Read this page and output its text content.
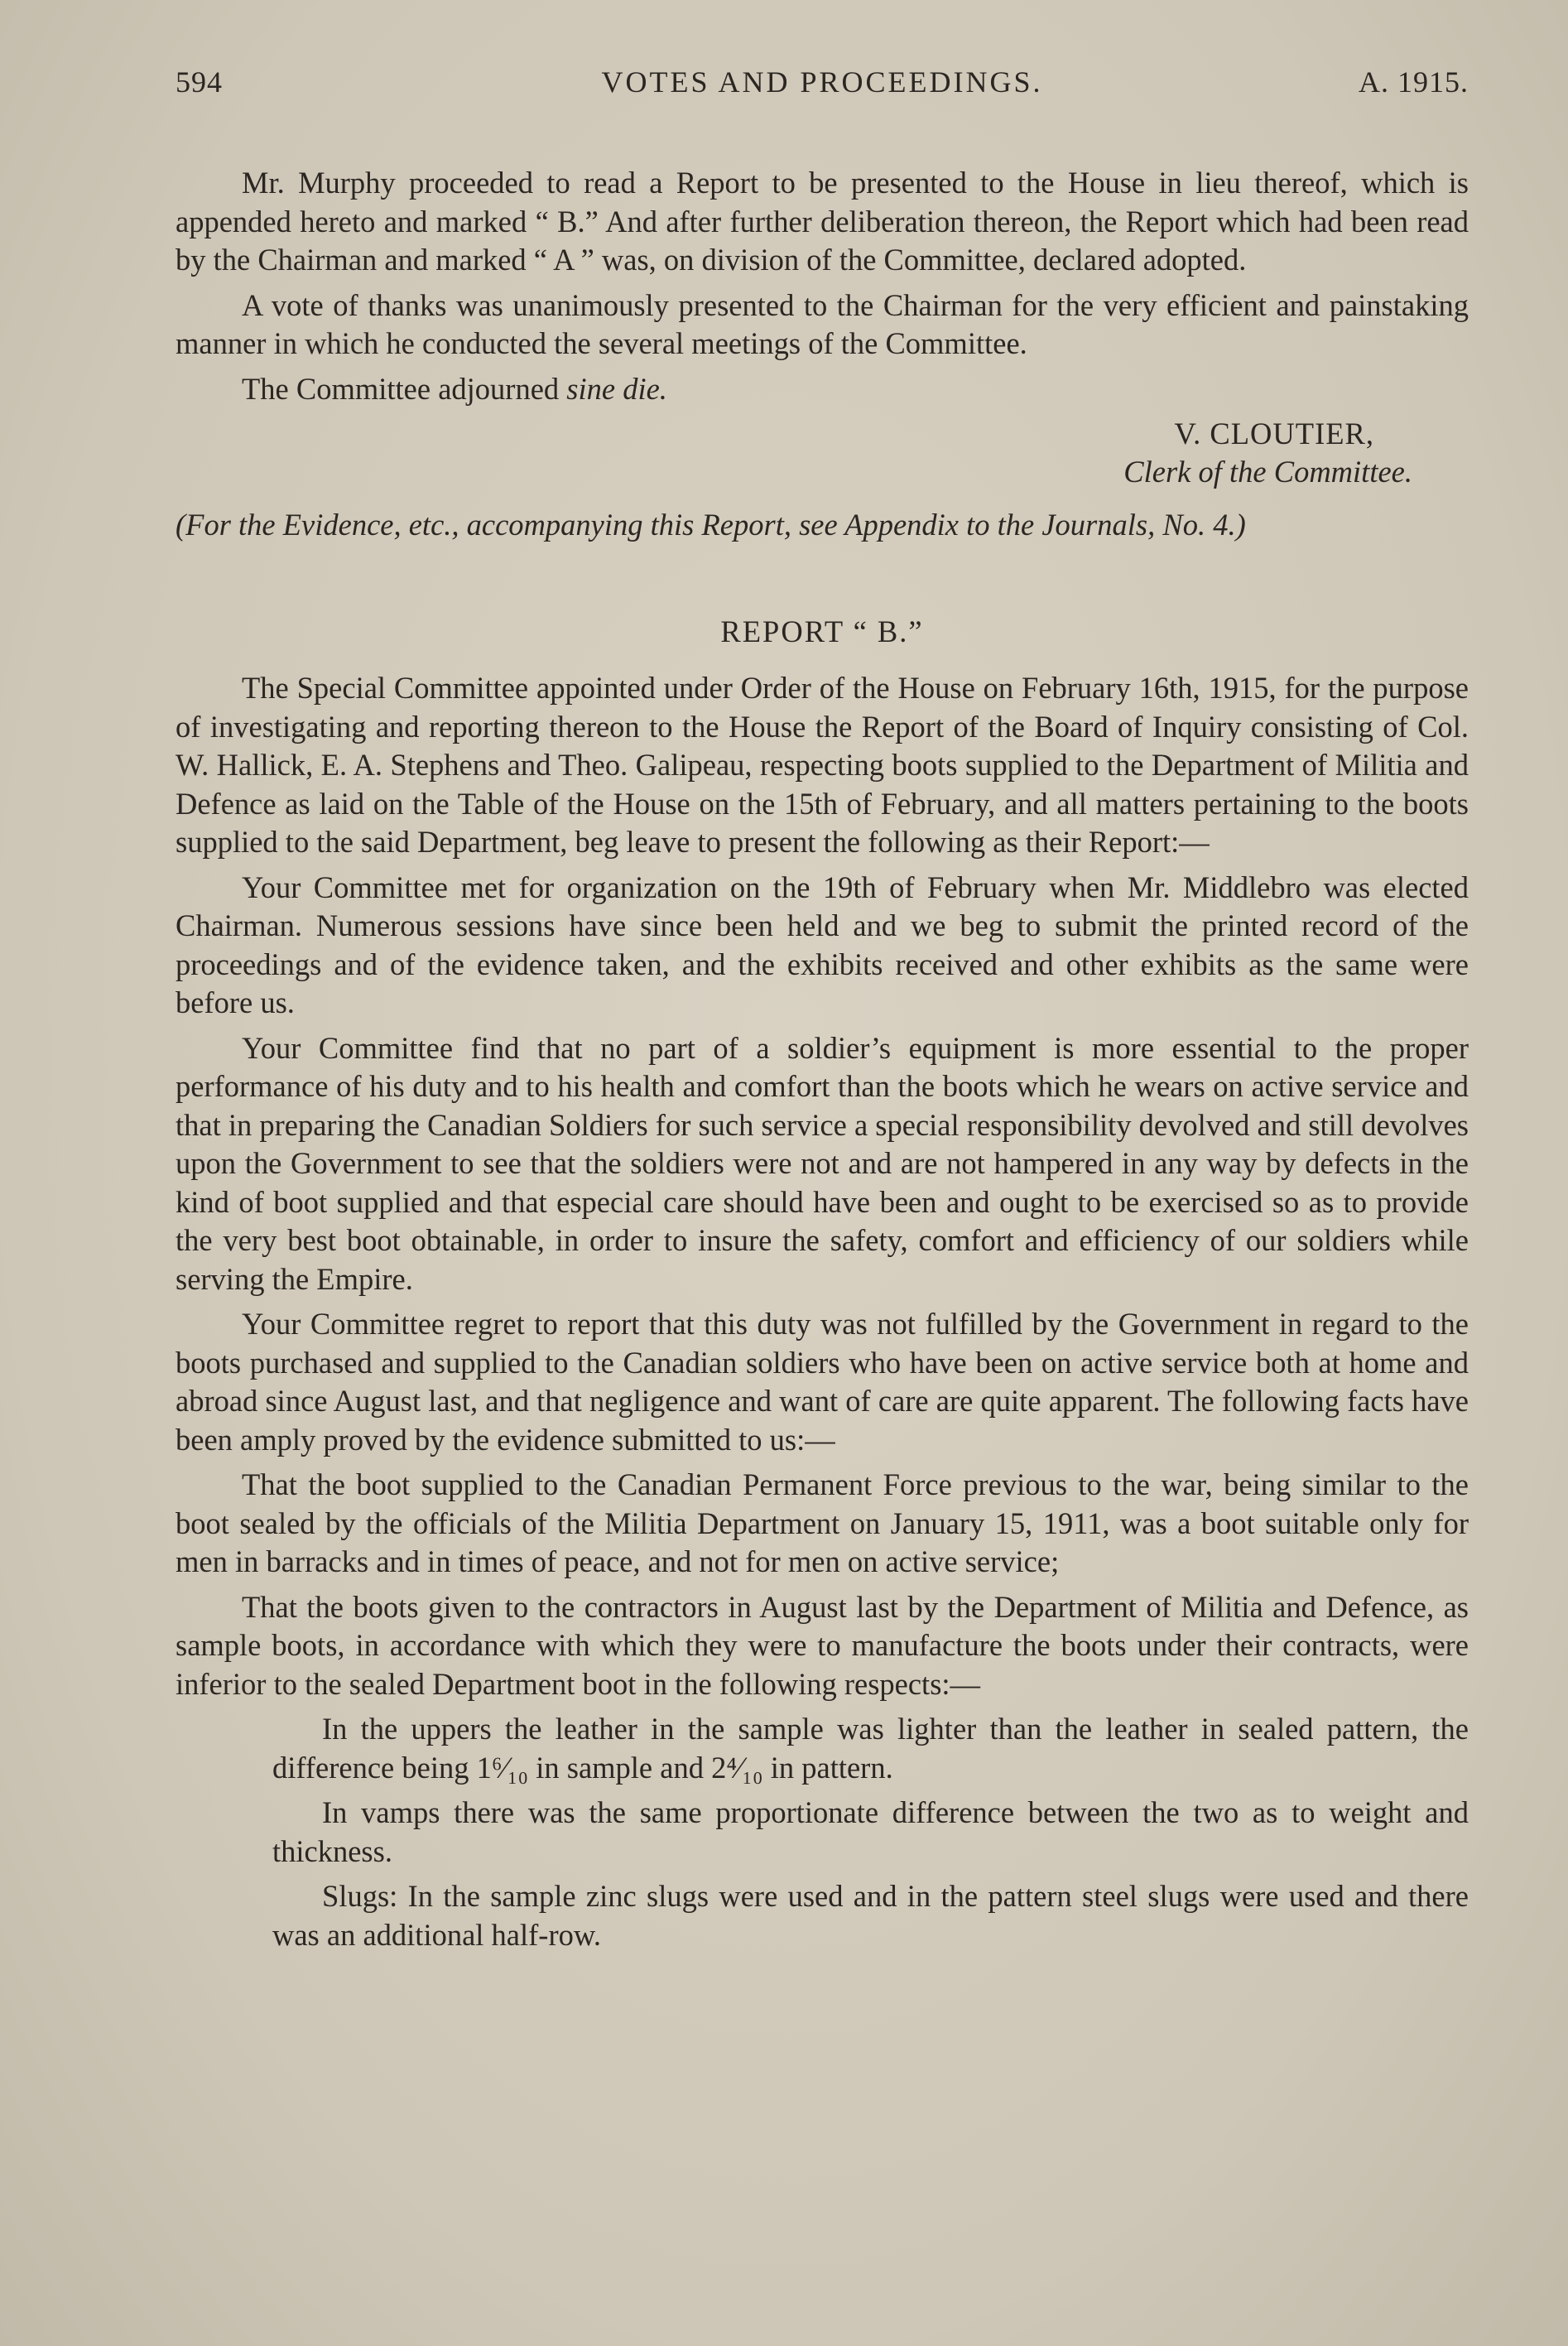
594	VOTES AND PROCEEDINGS.	A. 1915.

Mr. Murphy proceeded to read a Report to be presented to the House in lieu thereof, which is appended hereto and marked “ B.” And after further deliberation thereon, the Report which had been read by the Chairman and marked “ A ” was, on division of the Committee, declared adopted.

A vote of thanks was unanimously presented to the Chairman for the very efficient and painstaking manner in which he conducted the several meetings of the Committee.

The Committee adjourned sine die.

V. CLOUTIER,
Clerk of the Committee.

(For the Evidence, etc., accompanying this Report, see Appendix to the Journals, No. 4.)

REPORT “ B.”

The Special Committee appointed under Order of the House on February 16th, 1915, for the purpose of investigating and reporting thereon to the House the Report of the Board of Inquiry consisting of Col. W. Hallick, E. A. Stephens and Theo. Galipeau, respecting boots supplied to the Department of Militia and Defence as laid on the Table of the House on the 15th of February, and all matters pertaining to the boots supplied to the said Department, beg leave to present the following as their Report:—

Your Committee met for organization on the 19th of February when Mr. Middlebro was elected Chairman. Numerous sessions have since been held and we beg to submit the printed record of the proceedings and of the evidence taken, and the exhibits received and other exhibits as the same were before us.

Your Committee find that no part of a soldier’s equipment is more essential to the proper performance of his duty and to his health and comfort than the boots which he wears on active service and that in preparing the Canadian Soldiers for such service a special responsibility devolved and still devolves upon the Government to see that the soldiers were not and are not hampered in any way by defects in the kind of boot supplied and that especial care should have been and ought to be exercised so as to provide the very best boot obtainable, in order to insure the safety, comfort and efficiency of our soldiers while serving the Empire.

Your Committee regret to report that this duty was not fulfilled by the Government in regard to the boots purchased and supplied to the Canadian soldiers who have been on active service both at home and abroad since August last, and that negligence and want of care are quite apparent. The following facts have been amply proved by the evidence submitted to us:—

That the boot supplied to the Canadian Permanent Force previous to the war, being similar to the boot sealed by the officials of the Militia Department on January 15, 1911, was a boot suitable only for men in barracks and in times of peace, and not for men on active service;

That the boots given to the contractors in August last by the Department of Militia and Defence, as sample boots, in accordance with which they were to manufacture the boots under their contracts, were inferior to the sealed Department boot in the following respects:—

In the uppers the leather in the sample was lighter than the leather in sealed pattern, the difference being 1⁶⁄₁₀ in sample and 2⁴⁄₁₀ in pattern.

In vamps there was the same proportionate difference between the two as to weight and thickness.

Slugs: In the sample zinc slugs were used and in the pattern steel slugs were used and there was an additional half-row.
